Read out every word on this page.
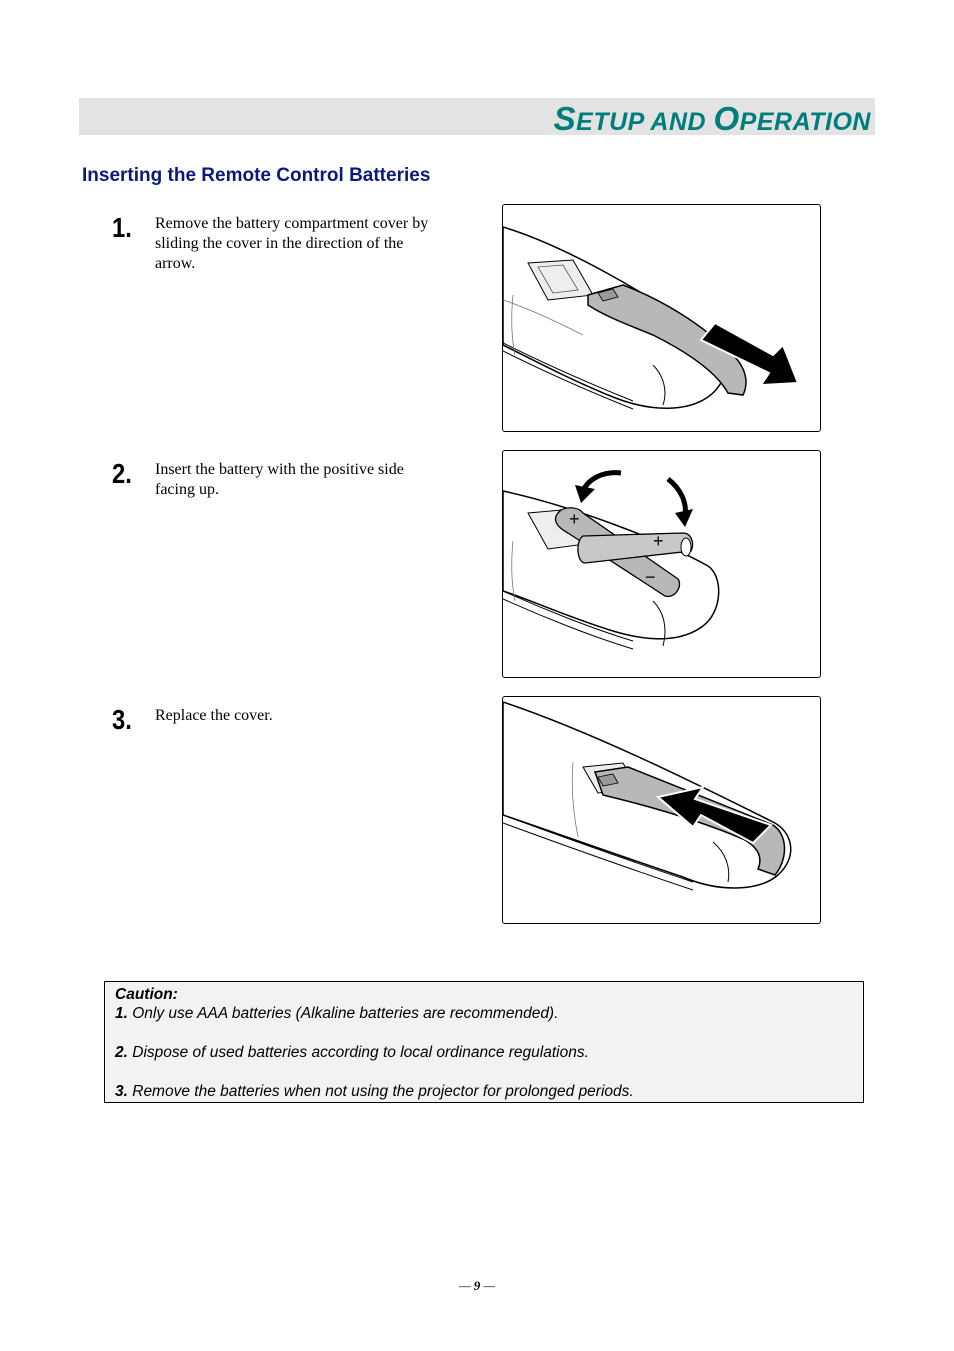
SETUP AND OPERATION
Inserting the Remote Control Batteries
1. Remove the battery compartment cover by sliding the cover in the direction of the arrow.
2. Insert the battery with the positive side facing up.
+
−
+
3. Replace the cover.
Caution:
1. Only use AAA batteries (Alkaline batteries are recommended).
2. Dispose of used batteries according to local ordinance regulations.
3. Remove the batteries when not using the projector for prolonged periods.
— 9 —
